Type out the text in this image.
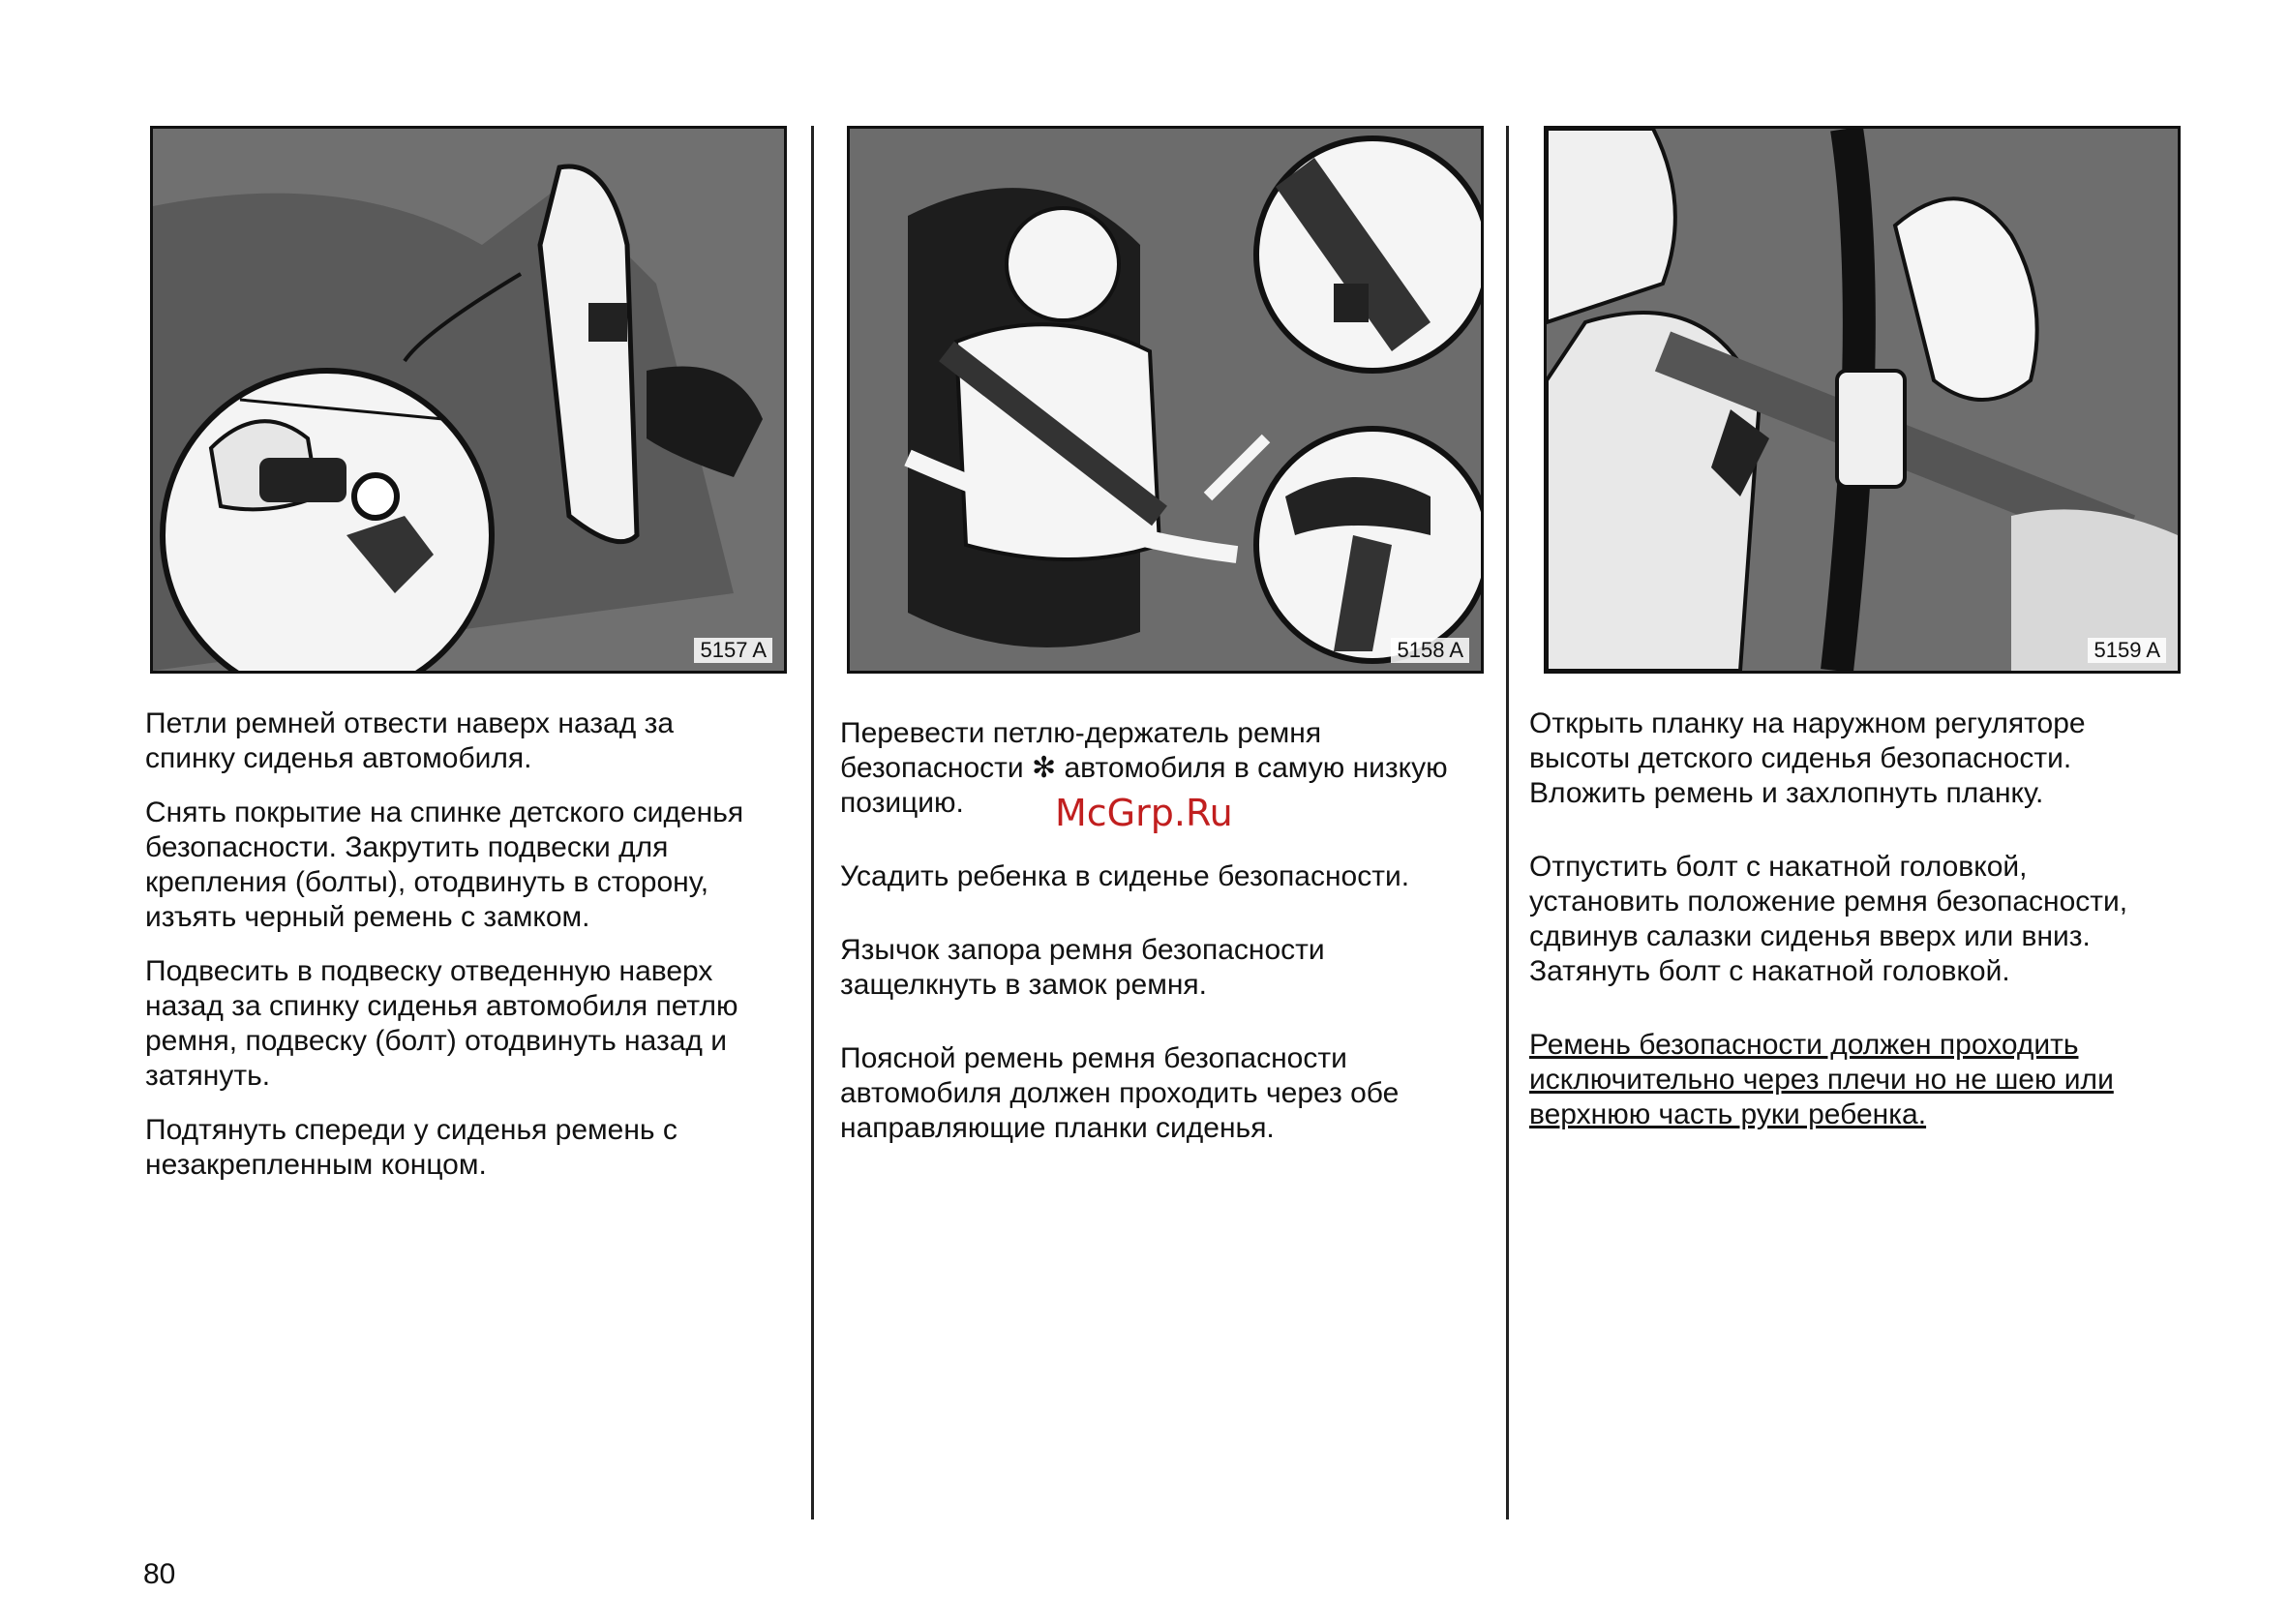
5157 A	5158 A	5159 A

Петли ремней отвести наверх назад за спинку сиденья автомобиля.

Снять покрытие на спинке детского сиденья безопасности. Закрутить подвески для крепления (болты), отодвинуть в сторону, изъять черный ремень с замком.

Подвесить в подвеску отведенную наверх назад за спинку сиденья автомобиля петлю ремня, подвеску (болт) отодвинуть назад и затянуть.

Подтянуть спереди у сиденья ремень с незакрепленным концом.

Перевести петлю-держатель ремня безопасности ✻ автомобиля в самую низкую позицию.

Усадить ребенка в сиденье безопасности.

Язычок запора ремня безопасности защелкнуть в замок ремня.

Поясной ремень ремня безопасности автомобиля должен проходить через обе направляющие планки сиденья.

Открыть планку на наружном регуляторе высоты детского сиденья безопасности. Вложить ремень и захлопнуть планку.

Отпустить болт с накатной головкой, установить положение ремня безопасности, сдвинув салазки сиденья вверх или вниз. Затянуть болт с накатной головкой.

Ремень безопасности должен проходить исключительно через плечи но не шею или верхнюю часть руки ребенка.

McGrp.Ru
80
